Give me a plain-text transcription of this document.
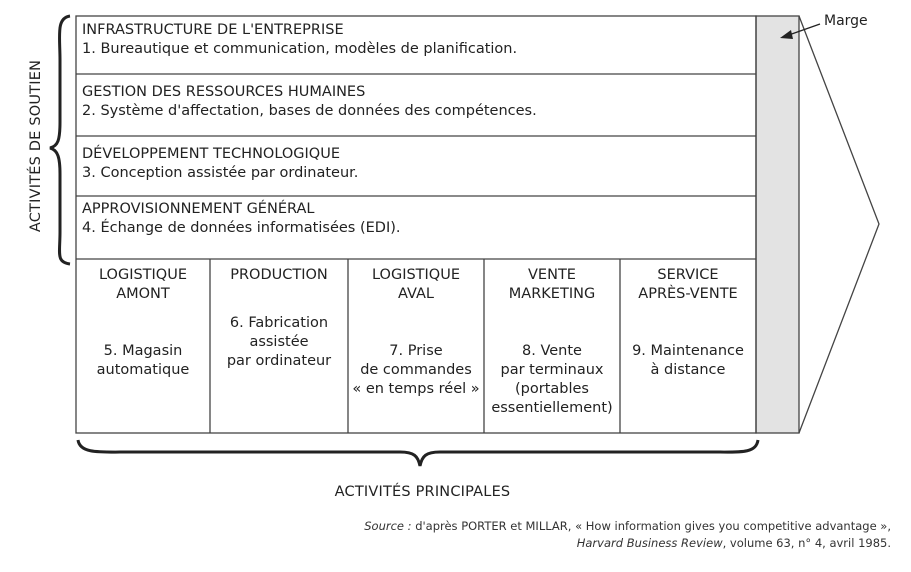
INFRASTRUCTURE DE L'ENTREPRISE
1. Bureautique et communication, modèles de planification.
GESTION DES RESSOURCES HUMAINES
2. Système d'affectation, bases de données des compétences.
DÉVELOPPEMENT TECHNOLOGIQUE
3. Conception assistée par ordinateur.
APPROVISIONNEMENT GÉNÉRAL
4. Échange de données informatisées (EDI).
LOGISTIQUE
AMONT
5. Magasin
automatique
PRODUCTION
6. Fabrication
assistée
par ordinateur
LOGISTIQUE
AVAL
7. Prise
de commandes
« en temps réel »
VENTE
MARKETING
8. Vente
par terminaux
(portables
essentiellement)
SERVICE
APRÈS-VENTE
9. Maintenance
à distance
ACTIVITÉS DE SOUTIEN
ACTIVITÉS PRINCIPALES
Marge
Source : d'après PORTER et MILLAR, « How information gives you competitive advantage »,
Harvard Business Review, volume 63, n° 4, avril 1985.
